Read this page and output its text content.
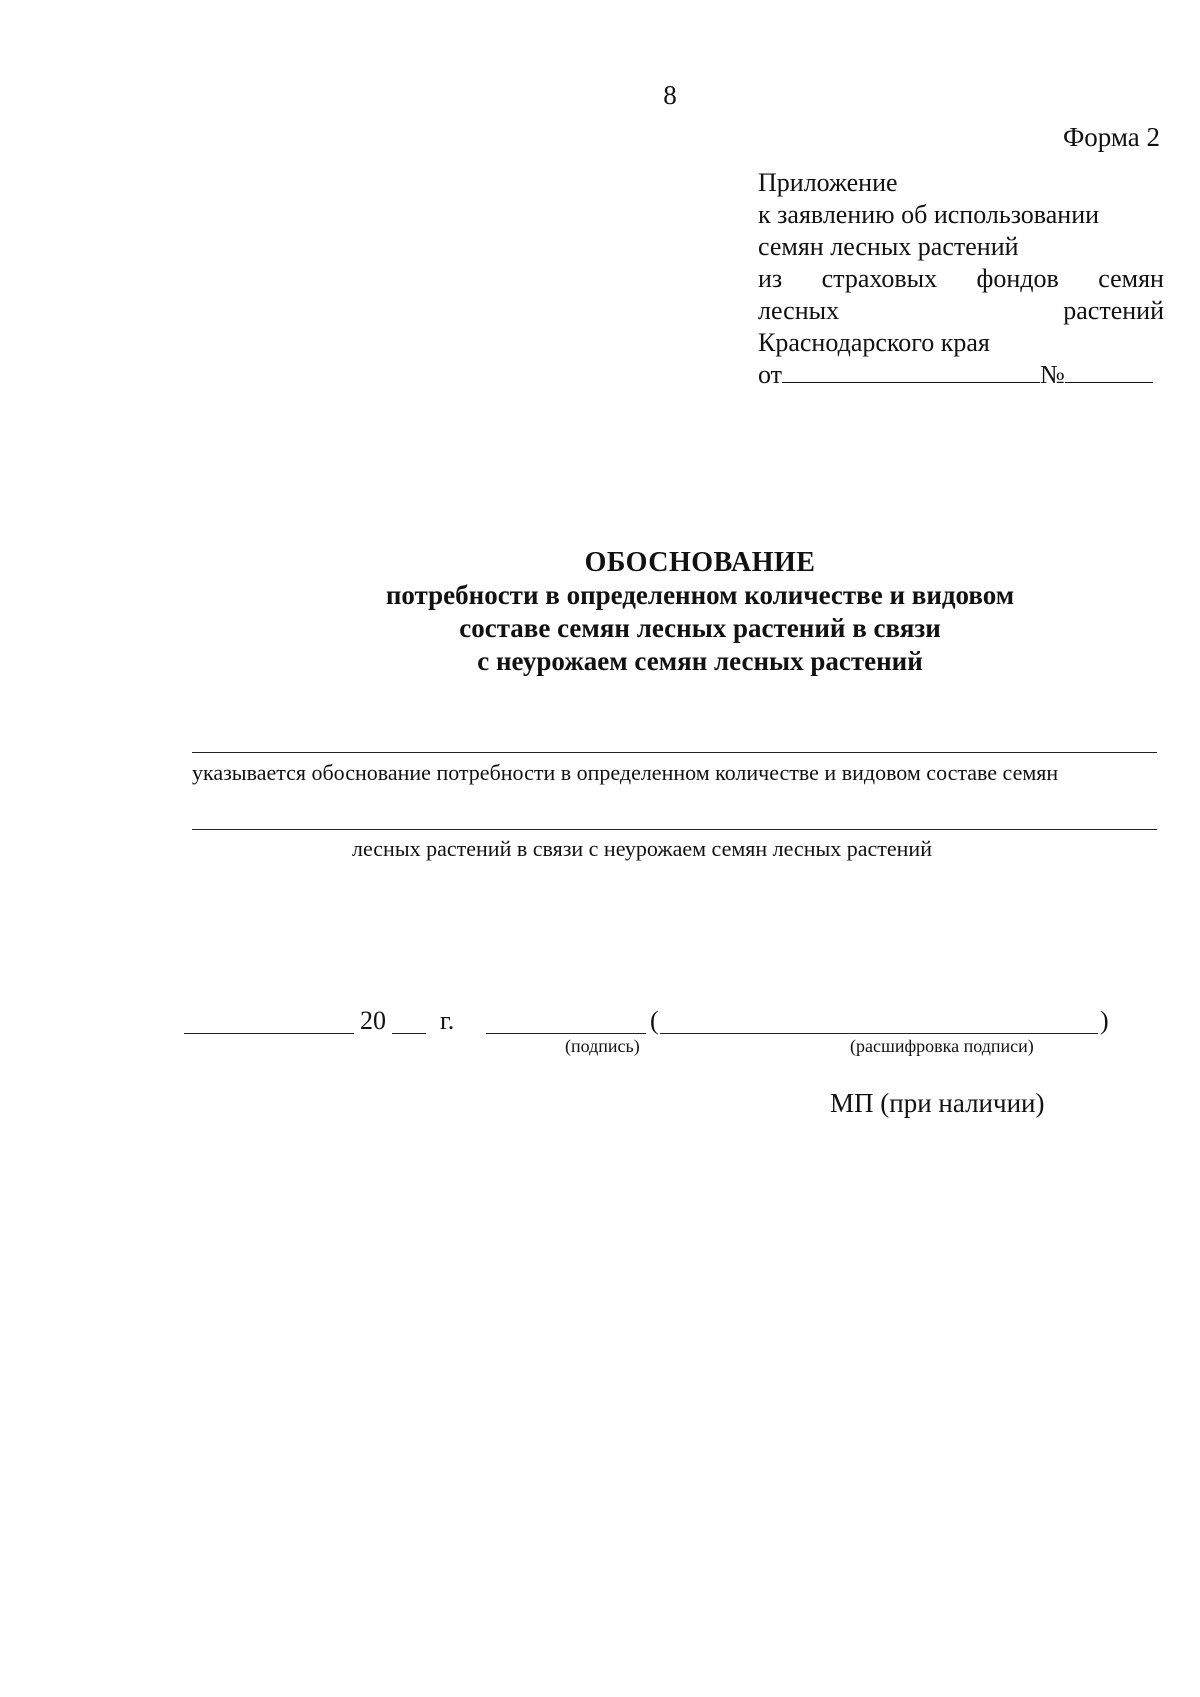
8
Форма 2
Приложение
к заявлению об использовании
семян лесных растений
из страховых фондов семян
лесных	растений
Краснодарского края
от	№
ОБОСНОВАНИЕ
потребности в определенном количестве и видовом
составе семян лесных растений в связи
с неурожаем семян лесных растений
указывается обоснование потребности в определенном количестве и видовом составе семян
лесных растений в связи с неурожаем семян лесных растений
20 г.	(	)
(подпись)	(расшифровка подписи)
МП (при наличии)
